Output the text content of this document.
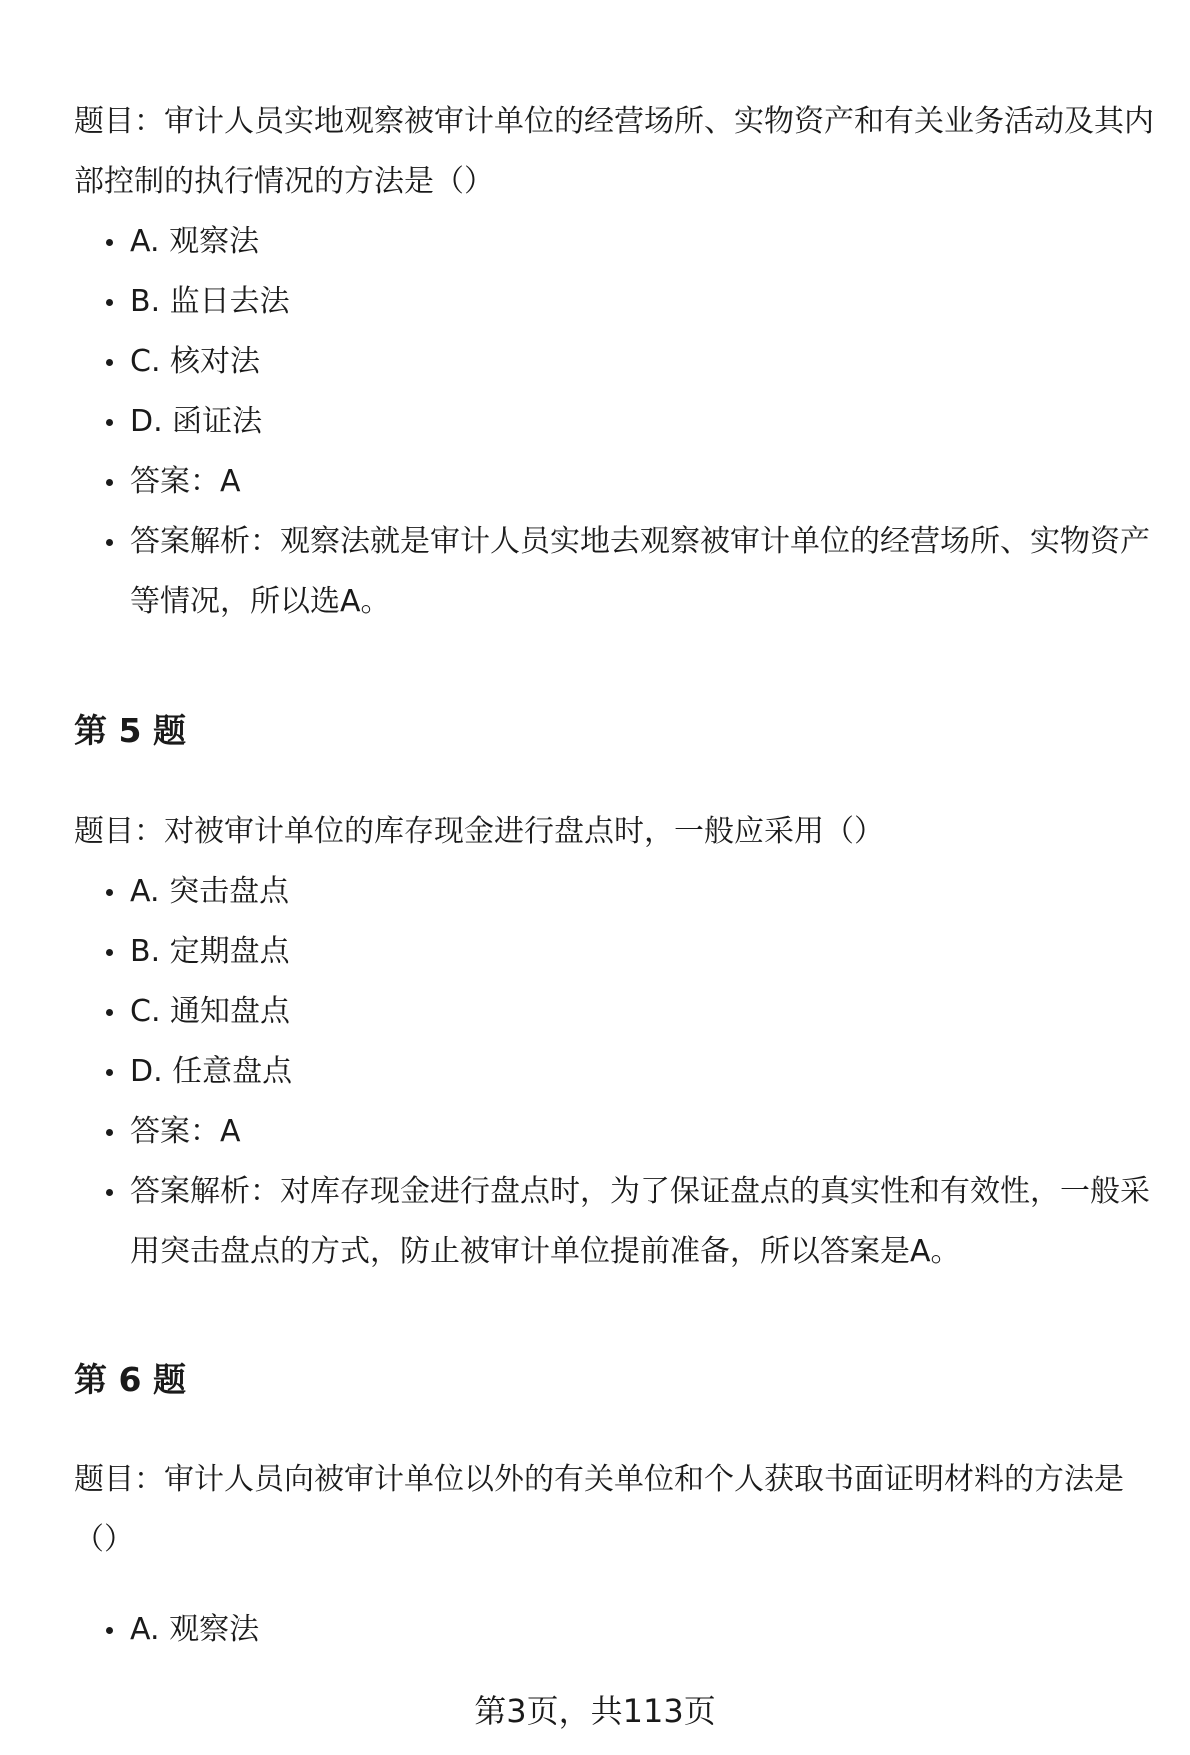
题目：审计人员实地观察被审计单位的经营场所、实物资产和有关业务活动及其内部控制的执行情况的方法是（）

A. 观察法
B. 监日去法
C. 核对法
D. 函证法
答案：A
答案解析：观察法就是审计人员实地去观察被审计单位的经营场所、实物资产等情况，所以选A。
第 5 题

题目：对被审计单位的库存现金进行盘点时，一般应采用（）

A. 突击盘点
B. 定期盘点
C. 通知盘点
D. 任意盘点
答案：A
答案解析：对库存现金进行盘点时，为了保证盘点的真实性和有效性，一般采用突击盘点的方式，防止被审计单位提前准备，所以答案是A。
第 6 题

题目：审计人员向被审计单位以外的有关单位和个人获取书面证明材料的方法是（）

A. 观察法
第3页，共113页
